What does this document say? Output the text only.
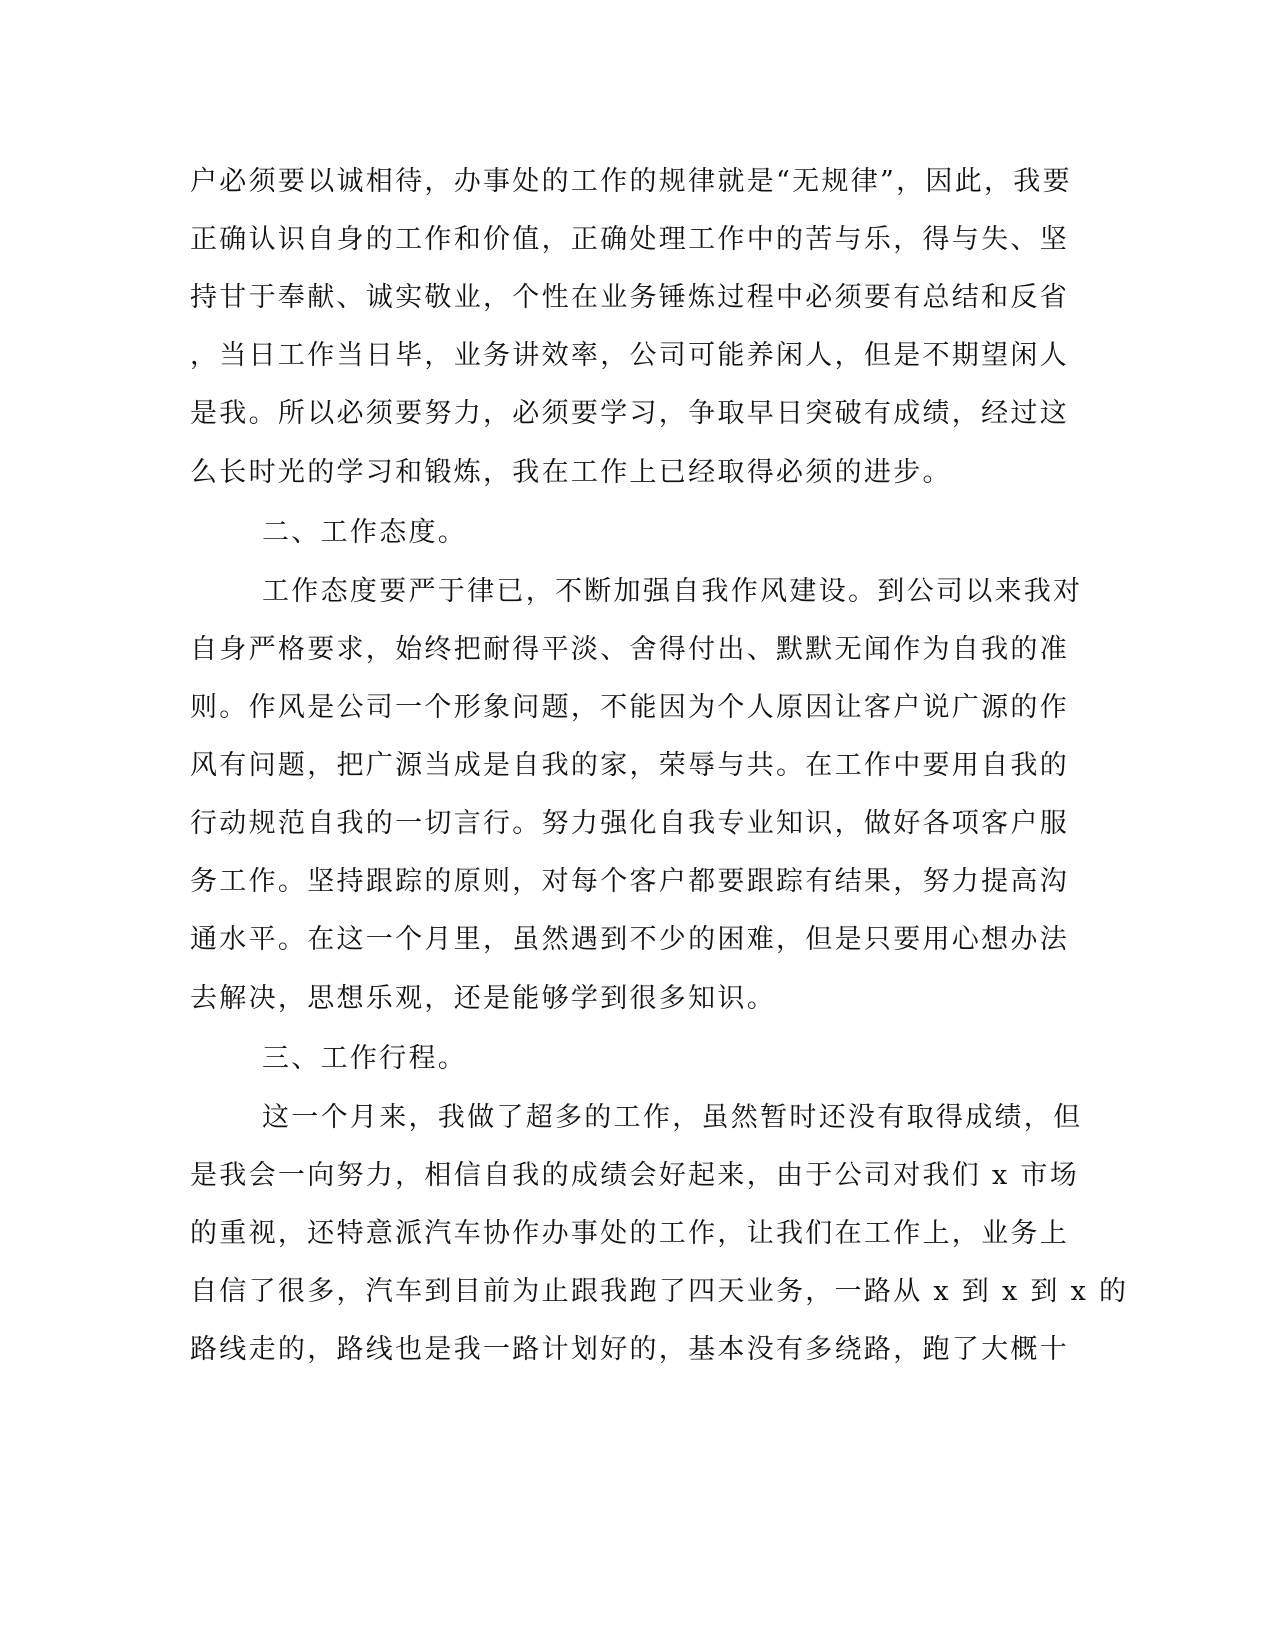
户必须要以诚相待，办事处的工作的规律就是“无规律”，因此，我要
正确认识自身的工作和价值，正确处理工作中的苦与乐，得与失、坚
持甘于奉献、诚实敬业，个性在业务锤炼过程中必须要有总结和反省
，当日工作当日毕，业务讲效率，公司可能养闲人，但是不期望闲人
是我。所以必须要努力，必须要学习，争取早日突破有成绩，经过这
么长时光的学习和锻炼，我在工作上已经取得必须的进步。
二、工作态度。
工作态度要严于律已，不断加强自我作风建设。到公司以来我对
自身严格要求，始终把耐得平淡、舍得付出、默默无闻作为自我的准
则。作风是公司一个形象问题，不能因为个人原因让客户说广源的作
风有问题，把广源当成是自我的家，荣辱与共。在工作中要用自我的
行动规范自我的一切言行。努力强化自我专业知识，做好各项客户服
务工作。坚持跟踪的原则，对每个客户都要跟踪有结果，努力提高沟
通水平。在这一个月里，虽然遇到不少的困难，但是只要用心想办法
去解决，思想乐观，还是能够学到很多知识。
三、工作行程。
这一个月来，我做了超多的工作，虽然暂时还没有取得成绩，但
是我会一向努力，相信自我的成绩会好起来，由于公司对我们 x 市场
的重视，还特意派汽车协作办事处的工作，让我们在工作上，业务上
自信了很多，汽车到目前为止跟我跑了四天业务，一路从 x 到 x 到 x 的
路线走的，路线也是我一路计划好的，基本没有多绕路，跑了大概十
